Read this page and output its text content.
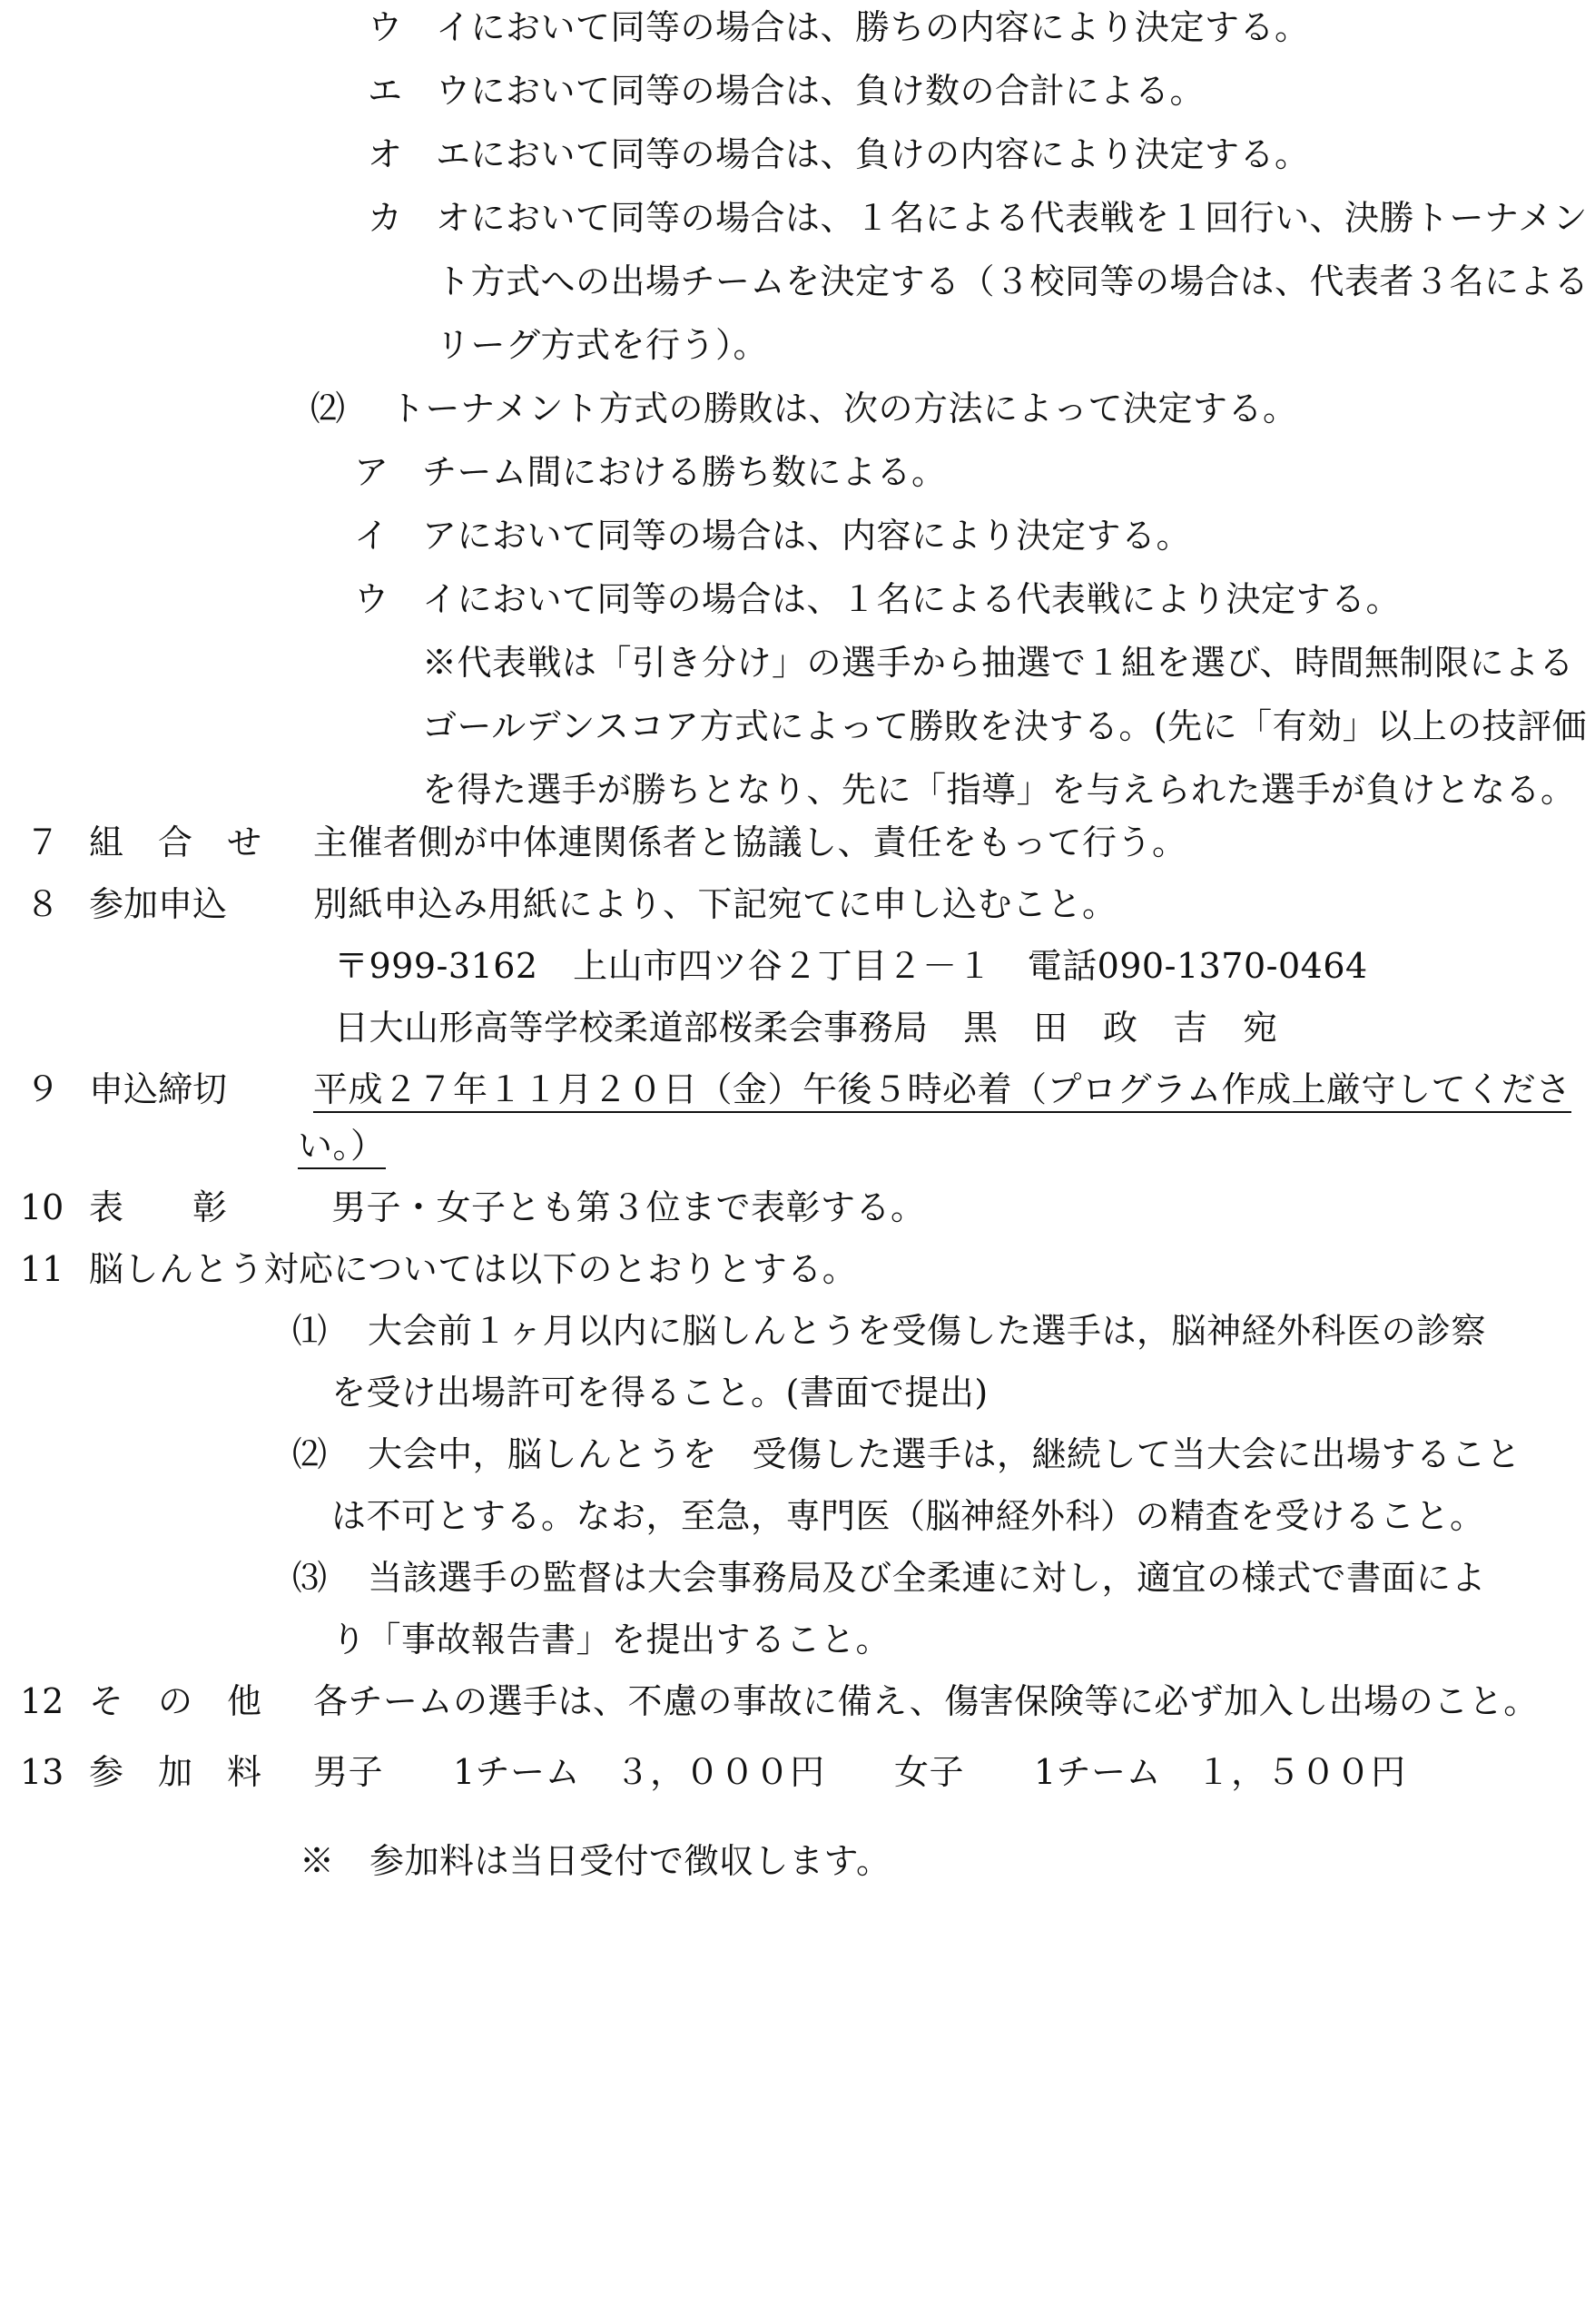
ウ イにおいて同等の場合は、勝ちの内容により決定する。
エ ウにおいて同等の場合は、負け数の合計による。
オ エにおいて同等の場合は、負けの内容により決定する。
カ オにおいて同等の場合は、１名による代表戦を１回行い、決勝トーナメン
ト方式への出場チームを決定する（３校同等の場合は、代表者３名による
リーグ方式を行う）。
⑵ トーナメント方式の勝敗は、次の方法によって決定する。
ア チーム間における勝ち数による。
イ アにおいて同等の場合は、内容により決定する。
ウ イにおいて同等の場合は、１名による代表戦により決定する。
※代表戦は「引き分け」の選手から抽選で１組を選び、時間無制限による
ゴールデンスコア方式によって勝敗を決する。(先に「有効」以上の技評価
を得た選手が勝ちとなり、先に「指導」を与えられた選手が負けとなる。
７ 組　合　せ 主催者側が中体連関係者と協議し、責任をもって行う。
８ 参加申込 別紙申込み用紙により、下記宛てに申し込むこと。
〒999-3162　上山市四ツ谷２丁目２－１　電話090-1370-0464
日大山形高等学校柔道部桜柔会事務局　黒　田　政　吉　宛
９ 申込締切 平成２７年１１月２０日（金）午後５時必着（プログラム作成上厳守してくださ
い。）
10 表　　彰	男子・女子とも第３位まで表彰する。
11 脳しんとう対応については以下のとおりとする。
⑴ 大会前１ヶ月以内に脳しんとうを受傷した選手は，脳神経外科医の診察
を受け出場許可を得ること。(書面で提出)
⑵ 大会中，脳しんとうを　受傷した選手は，継続して当大会に出場すること
は不可とする。なお，至急，専門医（脳神経外科）の精査を受けること。
⑶ 当該選手の監督は大会事務局及び全柔連に対し，適宜の様式で書面によ
り「事故報告書」を提出すること。
12 そ　の　他 各チームの選手は、不慮の事故に備え、傷害保険等に必ず加入し出場のこと。
13 参　加　料 男子　　1チーム　３，０００円 女子　　1チーム　１，５００円
※　参加料は当日受付で徴収します。
